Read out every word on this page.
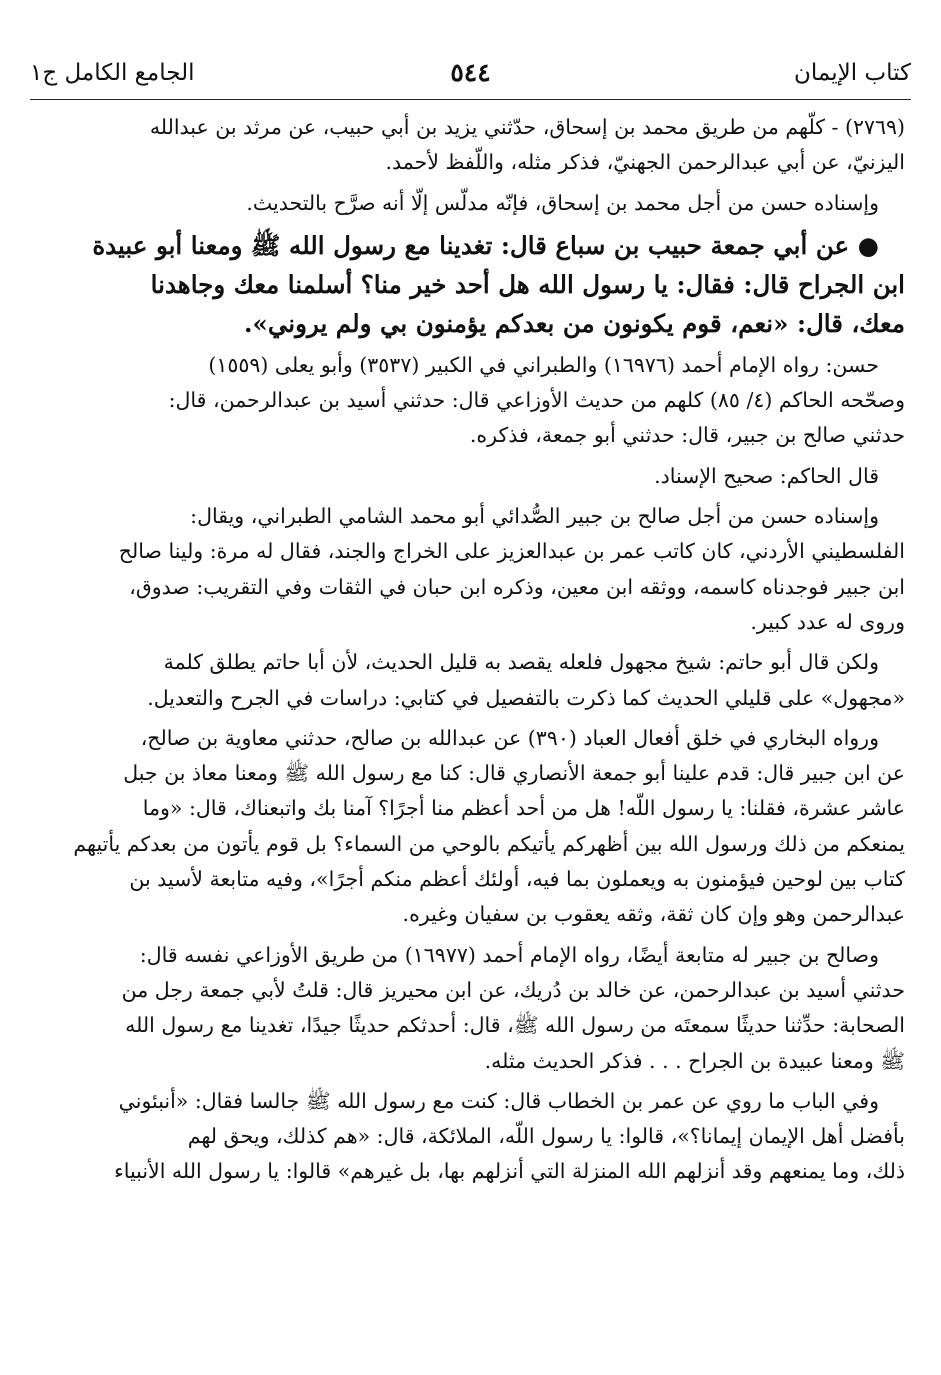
كتاب الإيمان
٥٤٤
الجامع الكامل ج١
(٢٧٦٩) - كلّهم من طريق محمد بن إسحاق، حدّثني يزيد بن أبي حبيب، عن مرثد بن عبدالله
اليزنيّ، عن أبي عبدالرحمن الجهنيّ، فذكر مثله، واللّفظ لأحمد.
وإسناده حسن من أجل محمد بن إسحاق، فإنّه مدلّس إلّا أنه صرَّح بالتحديث.
● عن أبي جمعة حبيب بن سباع قال: تغدينا مع رسول الله ﷺ ومعنا أبو عبيدة
ابن الجراح قال: فقال: يا رسول الله هل أحد خير منا؟ أسلمنا معك وجاهدنا
معك، قال: «نعم، قوم يكونون من بعدكم يؤمنون بي ولم يروني».
حسن: رواه الإمام أحمد (١٦٩٧٦) والطبراني في الكبير (٣٥٣٧) وأبو يعلى (١٥٥٩)
وصحّحه الحاكم (٤/ ٨٥) كلهم من حديث الأوزاعي قال: حدثني أسيد بن عبدالرحمن، قال:
حدثني صالح بن جبير، قال: حدثني أبو جمعة، فذكره.
قال الحاكم: صحيح الإسناد.
وإسناده حسن من أجل صالح بن جبير الصُّدائي أبو محمد الشامي الطبراني، ويقال:
الفلسطيني الأردني، كان كاتب عمر بن عبدالعزيز على الخراج والجند، فقال له مرة: ولينا صالح
ابن جبير فوجدناه كاسمه، ووثقه ابن معين، وذكره ابن حبان في الثقات وفي التقريب: صدوق،
وروى له عدد كبير.
ولكن قال أبو حاتم: شيخ مجهول فلعله يقصد به قليل الحديث، لأن أبا حاتم يطلق كلمة
«مجهول» على قليلي الحديث كما ذكرت بالتفصيل في كتابي: دراسات في الجرح والتعديل.
ورواه البخاري في خلق أفعال العباد (٣٩٠) عن عبدالله بن صالح، حدثني معاوية بن صالح،
عن ابن جبير قال: قدم علينا أبو جمعة الأنصاري قال: كنا مع رسول الله ﷺ ومعنا معاذ بن جبل
عاشر عشرة، فقلنا: يا رسول اللّه! هل من أحد أعظم منا أجرًا؟ آمنا بك واتبعناك، قال: «وما
يمنعكم من ذلك ورسول الله بين أظهركم يأتيكم بالوحي من السماء؟ بل قوم يأتون من بعدكم يأتيهم
كتاب بين لوحين فيؤمنون به ويعملون بما فيه، أولئك أعظم منكم أجرًا»، وفيه متابعة لأسيد بن
عبدالرحمن وهو وإن كان ثقة، وثقه يعقوب بن سفيان وغيره.
وصالح بن جبير له متابعة أيضًا، رواه الإمام أحمد (١٦٩٧٧) من طريق الأوزاعي نفسه قال:
حدثني أسيد بن عبدالرحمن، عن خالد بن دُريك، عن ابن محيريز قال: قلتُ لأبي جمعة رجل من
الصحابة: حدِّثنا حديثًا سمعتَه من رسول الله ﷺ، قال: أحدثكم حديثًا جيدًا، تغدينا مع رسول الله
ﷺ ومعنا عبيدة بن الجراح . . . فذكر الحديث مثله.
وفي الباب ما روي عن عمر بن الخطاب قال: كنت مع رسول الله ﷺ جالسا فقال: «أنبئوني
بأفضل أهل الإيمان إيمانا؟»، قالوا: يا رسول اللّه، الملائكة، قال: «هم كذلك، ويحق لهم
ذلك، وما يمنعهم وقد أنزلهم الله المنزلة التي أنزلهم بها، بل غيرهم» قالوا: يا رسول الله الأنبياء
